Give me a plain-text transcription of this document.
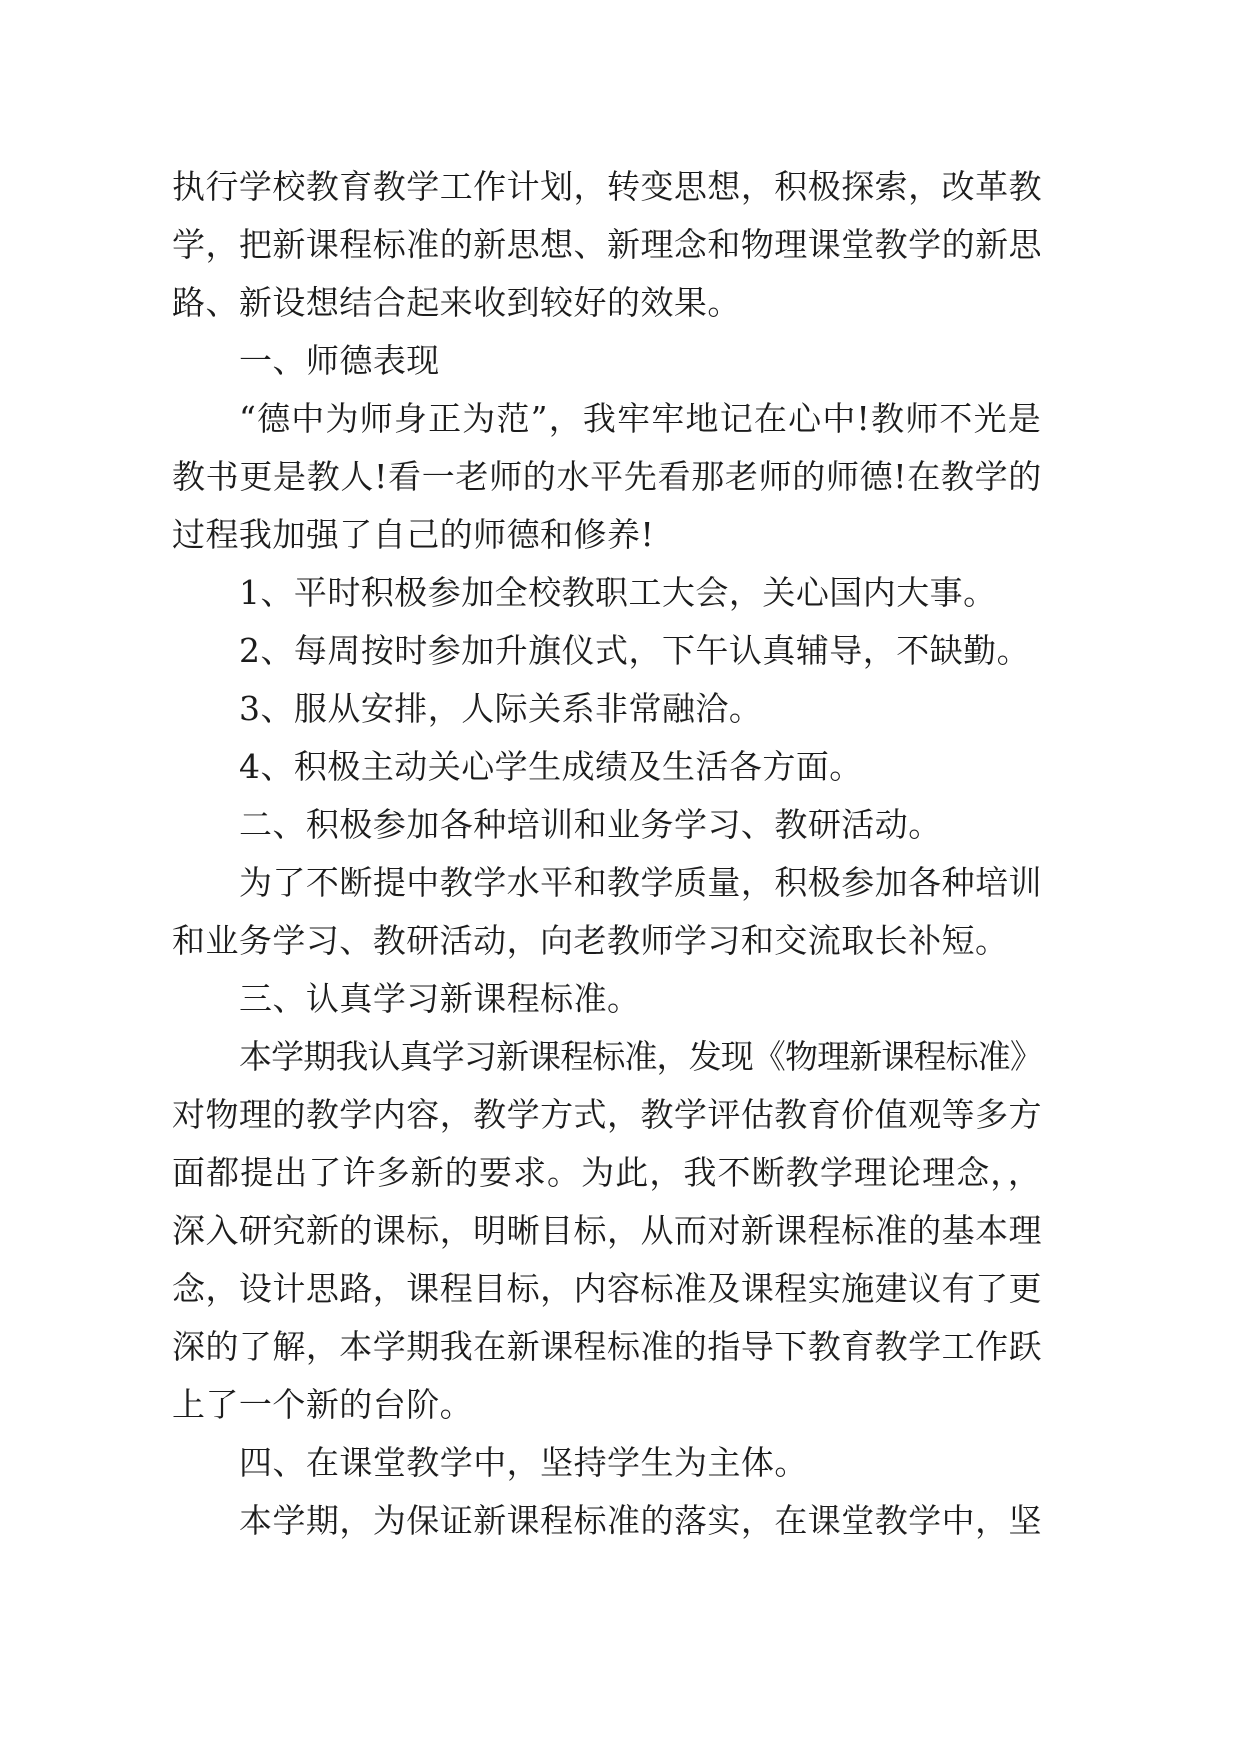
执行学校教育教学工作计划，转变思想，积极探索，改革教
学，把新课程标准的新思想、新理念和物理课堂教学的新思
路、新设想结合起来收到较好的效果。
一、师德表现
“德中为师身正为范”，我牢牢地记在心中!教师不光是
教书更是教人!看一老师的水平先看那老师的师德!在教学的
过程我加强了自己的师德和修养!
1、平时积极参加全校教职工大会，关心国内大事。
2、每周按时参加升旗仪式，下午认真辅导，不缺勤。
3、服从安排，人际关系非常融洽。
4、积极主动关心学生成绩及生活各方面。
二、积极参加各种培训和业务学习、教研活动。
为了不断提中教学水平和教学质量，积极参加各种培训
和业务学习、教研活动，向老教师学习和交流取长补短。
三、认真学习新课程标准。
本学期我认真学习新课程标准，发现《物理新课程标准》
对物理的教学内容，教学方式，教学评估教育价值观等多方
面都提出了许多新的要求。为此，我不断教学理论理念，，
深入研究新的课标，明晰目标，从而对新课程标准的基本理
念，设计思路，课程目标，内容标准及课程实施建议有了更
深的了解，本学期我在新课程标准的指导下教育教学工作跃
上了一个新的台阶。
四、在课堂教学中，坚持学生为主体。
本学期，为保证新课程标准的落实，在课堂教学中，坚
